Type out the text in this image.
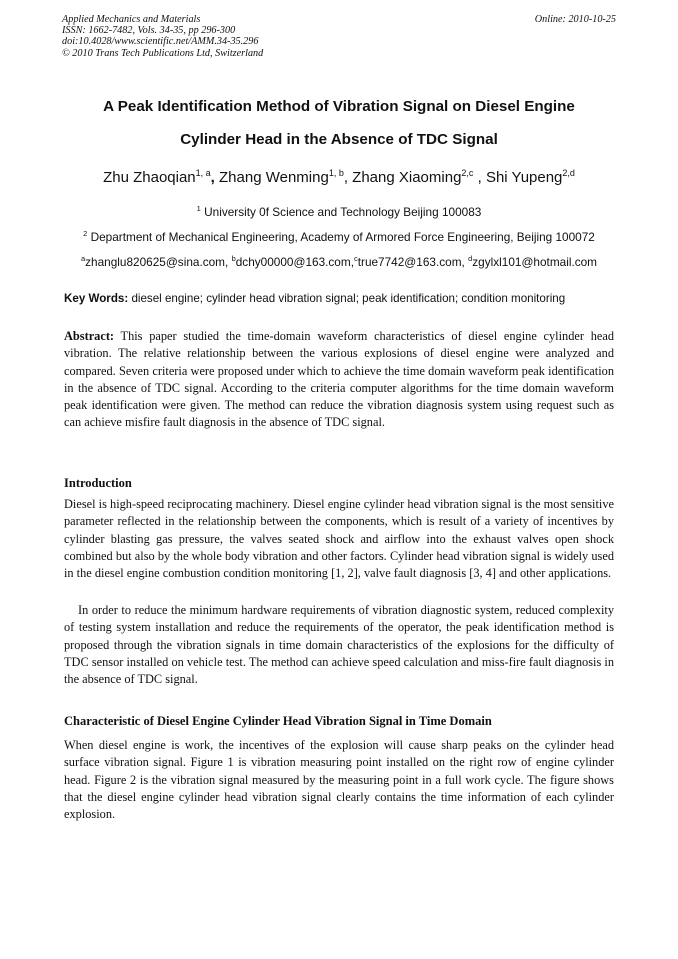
Applied Mechanics and Materials
ISSN: 1662-7482, Vols. 34-35, pp 296-300
doi:10.4028/www.scientific.net/AMM.34-35.296
© 2010 Trans Tech Publications Ltd, Switzerland
Online: 2010-10-25
A Peak Identification Method of Vibration Signal on Diesel Engine
Cylinder Head in the Absence of TDC Signal
Zhu Zhaoqian$^{1, a}$, Zhang Wenming$^{1, b}$, Zhang Xiaoming$^{2,c}$ , Shi Yupeng$^{2,d}$
$^1$ University 0f Science and Technology Beijing 100083
$^2$ Department of Mechanical Engineering, Academy of Armored Force Engineering, Beijing 100072
$^a$zhanglu820625@sina.com, $^b$dchy00000@163.com,$^c$true7742@163.com, $^d$zgylxl101@hotmail.com
Key Words: diesel engine; cylinder head vibration signal; peak identification; condition monitoring
Abstract: This paper studied the time-domain waveform characteristics of diesel engine cylinder head vibration. The relative relationship between the various explosions of diesel engine were analyzed and compared. Seven criteria were proposed under which to achieve the time domain waveform peak identification in the absence of TDC signal. According to the criteria computer algorithms for the time domain waveform peak identification were given. The method can reduce the vibration diagnosis system using request such as can achieve misfire fault diagnosis in the absence of TDC signal.
Introduction
Diesel is high-speed reciprocating machinery. Diesel engine cylinder head vibration signal is the most sensitive parameter reflected in the relationship between the components, which is result of a variety of incentives by cylinder blasting gas pressure, the valves seated shock and airflow into the exhaust valves open shock combined but also by the whole body vibration and other factors. Cylinder head vibration signal is widely used in the diesel engine combustion condition monitoring [1, 2], valve fault diagnosis [3, 4] and other applications.
In order to reduce the minimum hardware requirements of vibration diagnostic system, reduced complexity of testing system installation and reduce the requirements of the operator, the peak identification method is proposed through the vibration signals in time domain characteristics of the explosions for the difficulty of TDC sensor installed on vehicle test. The method can achieve speed calculation and miss-fire fault diagnosis in the absence of TDC signal.
Characteristic of Diesel Engine Cylinder Head Vibration Signal in Time Domain
When diesel engine is work, the incentives of the explosion will cause sharp peaks on the cylinder head surface vibration signal. Figure 1 is vibration measuring point installed on the right row of engine cylinder head. Figure 2 is the vibration signal measured by the measuring point in a full work cycle. The figure shows that the diesel engine cylinder head vibration signal clearly contains the time information of each cylinder explosion.
